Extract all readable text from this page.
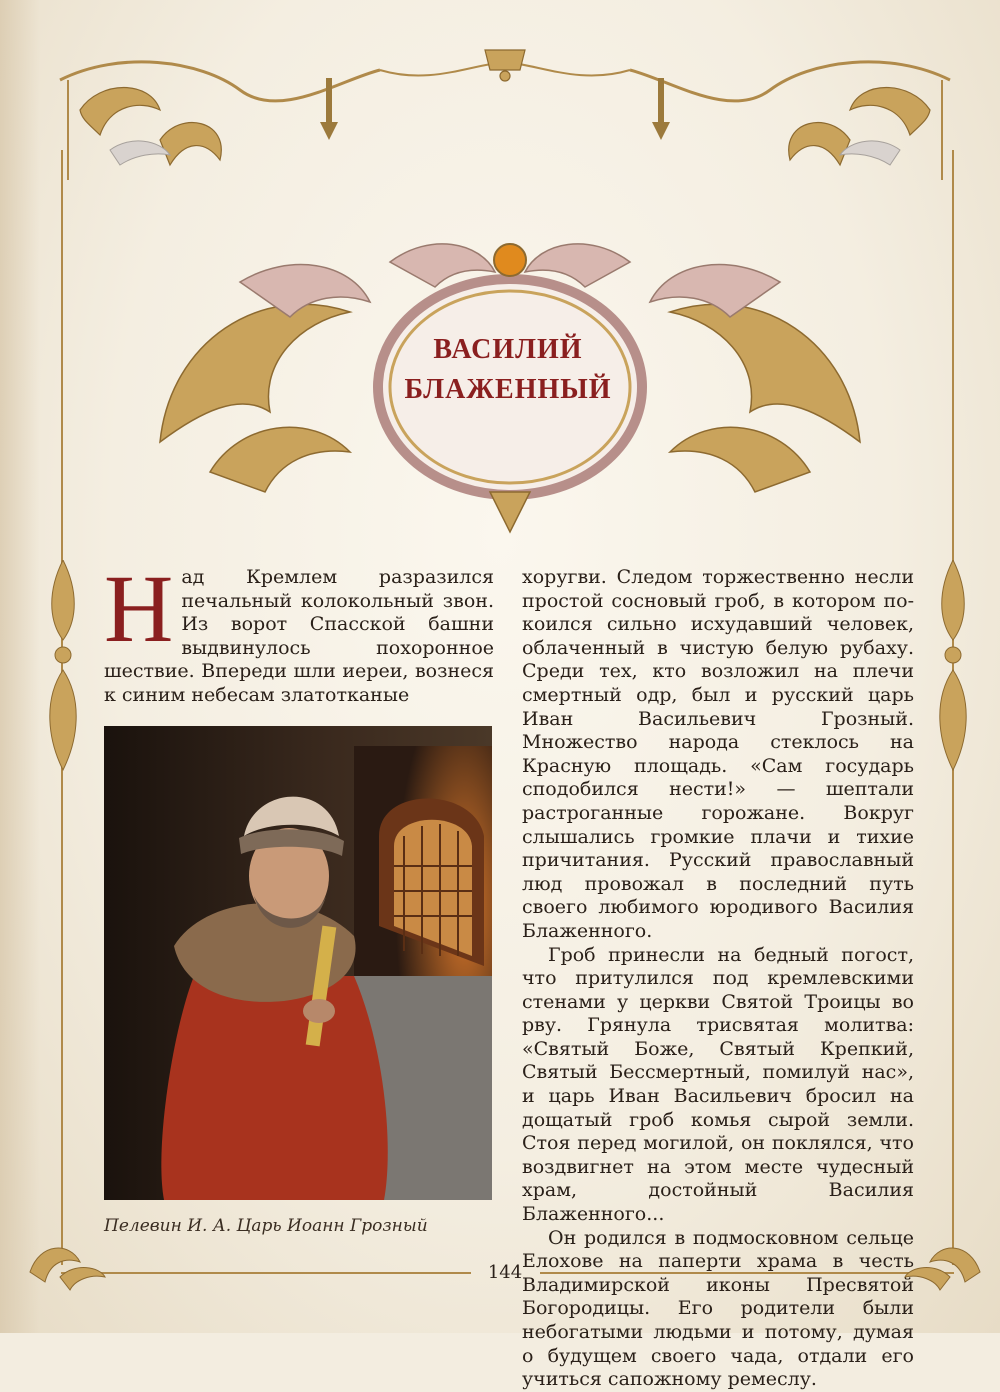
ВАСИЛИЙ
БЛАЖЕННЫЙ
Н ад Кремлем разразился печальный колокольный звон. Из ворот Спасской башни выдвинулось похоронное шествие. Впереди шли иереи, вознеся к синим небесам златотканые

Пелевин И. А. Царь Иоанн Грозный

хоругви. Следом торжественно несли простой сосновый гроб, в котором покоился сильно исхудавший человек, облаченный в чистую белую рубаху. Среди тех, кто возложил на плечи смертный одр, был и русский царь Иван Васильевич Грозный. Множество народа стеклось на Красную площадь. «Сам государь сподобился нести!» — шептали растроганные горожане. Вокруг слышались громкие плачи и тихие причитания. Русский православный люд провожал в последний путь своего любимого юродивого Василия Блаженного.

Гроб принесли на бедный погост, что притулился под кремлевскими стенами у церкви Святой Троицы во рву. Грянула трисвятая молитва: «Святый Боже, Святый Крепкий, Святый Бессмертный, помилуй нас», и царь Иван Васильевич бросил на дощатый гроб комья сырой земли. Стоя перед могилой, он поклялся, что воздвигнет на этом месте чудесный храм, достойный Василия Блаженного...

Он родился в подмосковном сельце Елохове на паперти храма в честь Владимирской иконы Пресвятой Богородицы. Его родители были небогатыми людьми и потому, думая о будущем своего чада, отдали его учиться сапожному ремеслу.

144
